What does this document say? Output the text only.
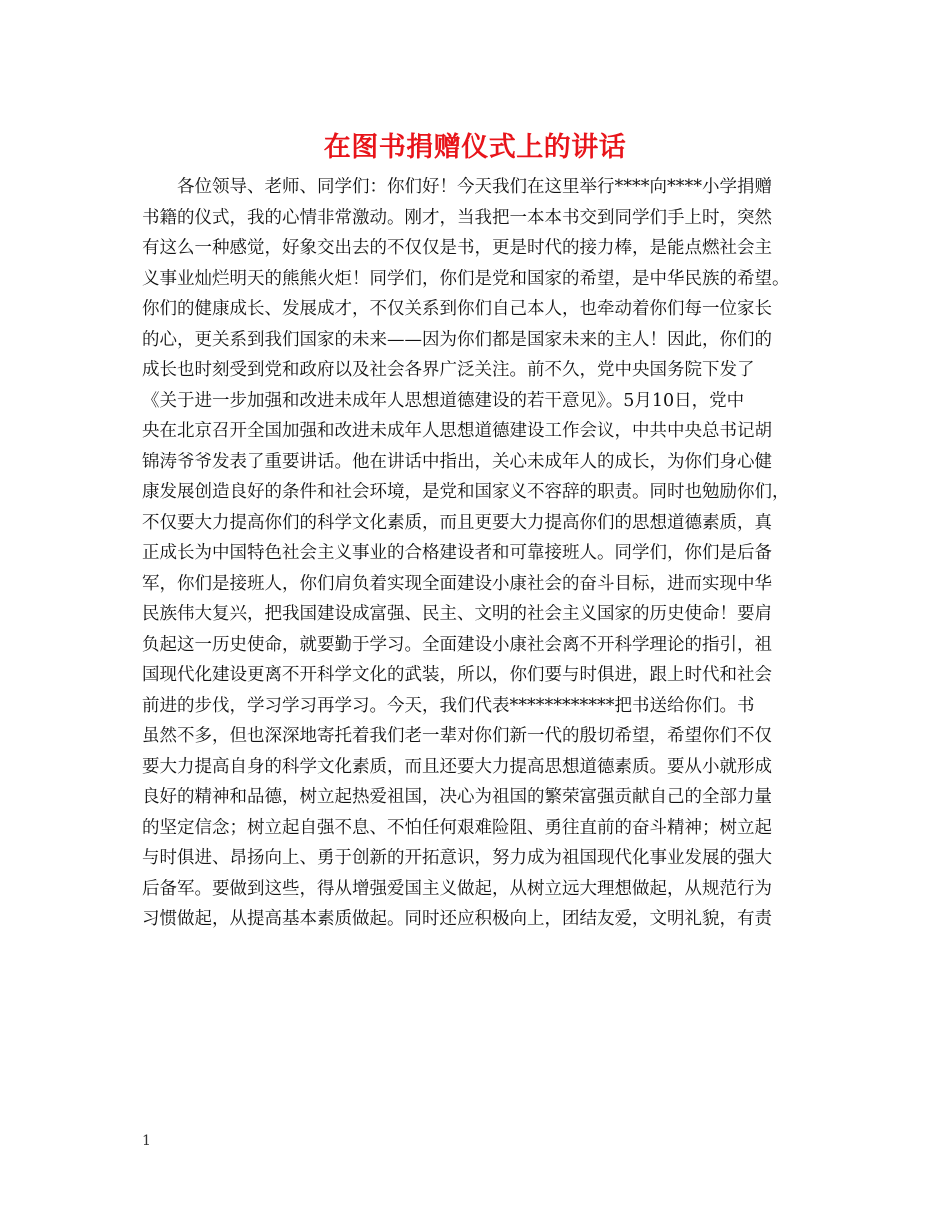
在图书捐赠仪式上的讲话
各位领导、老师、同学们：你们好！今天我们在这里举行****向****小学捐赠
书籍的仪式，我的心情非常激动。刚才，当我把一本本书交到同学们手上时，突然
有这么一种感觉，好象交出去的不仅仅是书，更是时代的接力棒，是能点燃社会主
义事业灿烂明天的熊熊火炬！同学们，你们是党和国家的希望，是中华民族的希望。
你们的健康成长、发展成才，不仅关系到你们自己本人，也牵动着你们每一位家长
的心，更关系到我们国家的未来——因为你们都是国家未来的主人！因此，你们的
成长也时刻受到党和政府以及社会各界广泛关注。前不久，党中央国务院下发了
《关于进一步加强和改进未成年人思想道德建设的若干意见》。5月10日，党中
央在北京召开全国加强和改进未成年人思想道德建设工作会议，中共中央总书记胡
锦涛爷爷发表了重要讲话。他在讲话中指出，关心未成年人的成长，为你们身心健
康发展创造良好的条件和社会环境，是党和国家义不容辞的职责。同时也勉励你们，
不仅要大力提高你们的科学文化素质，而且更要大力提高你们的思想道德素质，真
正成长为中国特色社会主义事业的合格建设者和可靠接班人。同学们，你们是后备
军，你们是接班人，你们肩负着实现全面建设小康社会的奋斗目标，进而实现中华
民族伟大复兴，把我国建设成富强、民主、文明的社会主义国家的历史使命！要肩
负起这一历史使命，就要勤于学习。全面建设小康社会离不开科学理论的指引，祖
国现代化建设更离不开科学文化的武装，所以，你们要与时俱进，跟上时代和社会
前进的步伐，学习学习再学习。今天，我们代表************把书送给你们。书
虽然不多，但也深深地寄托着我们老一辈对你们新一代的殷切希望，希望你们不仅
要大力提高自身的科学文化素质，而且还要大力提高思想道德素质。要从小就形成
良好的精神和品德，树立起热爱祖国，决心为祖国的繁荣富强贡献自己的全部力量
的坚定信念；树立起自强不息、不怕任何艰难险阻、勇往直前的奋斗精神；树立起
与时俱进、昂扬向上、勇于创新的开拓意识，努力成为祖国现代化事业发展的强大
后备军。要做到这些，得从增强爱国主义做起，从树立远大理想做起，从规范行为
习惯做起，从提高基本素质做起。同时还应积极向上，团结友爱，文明礼貌，有责
1
